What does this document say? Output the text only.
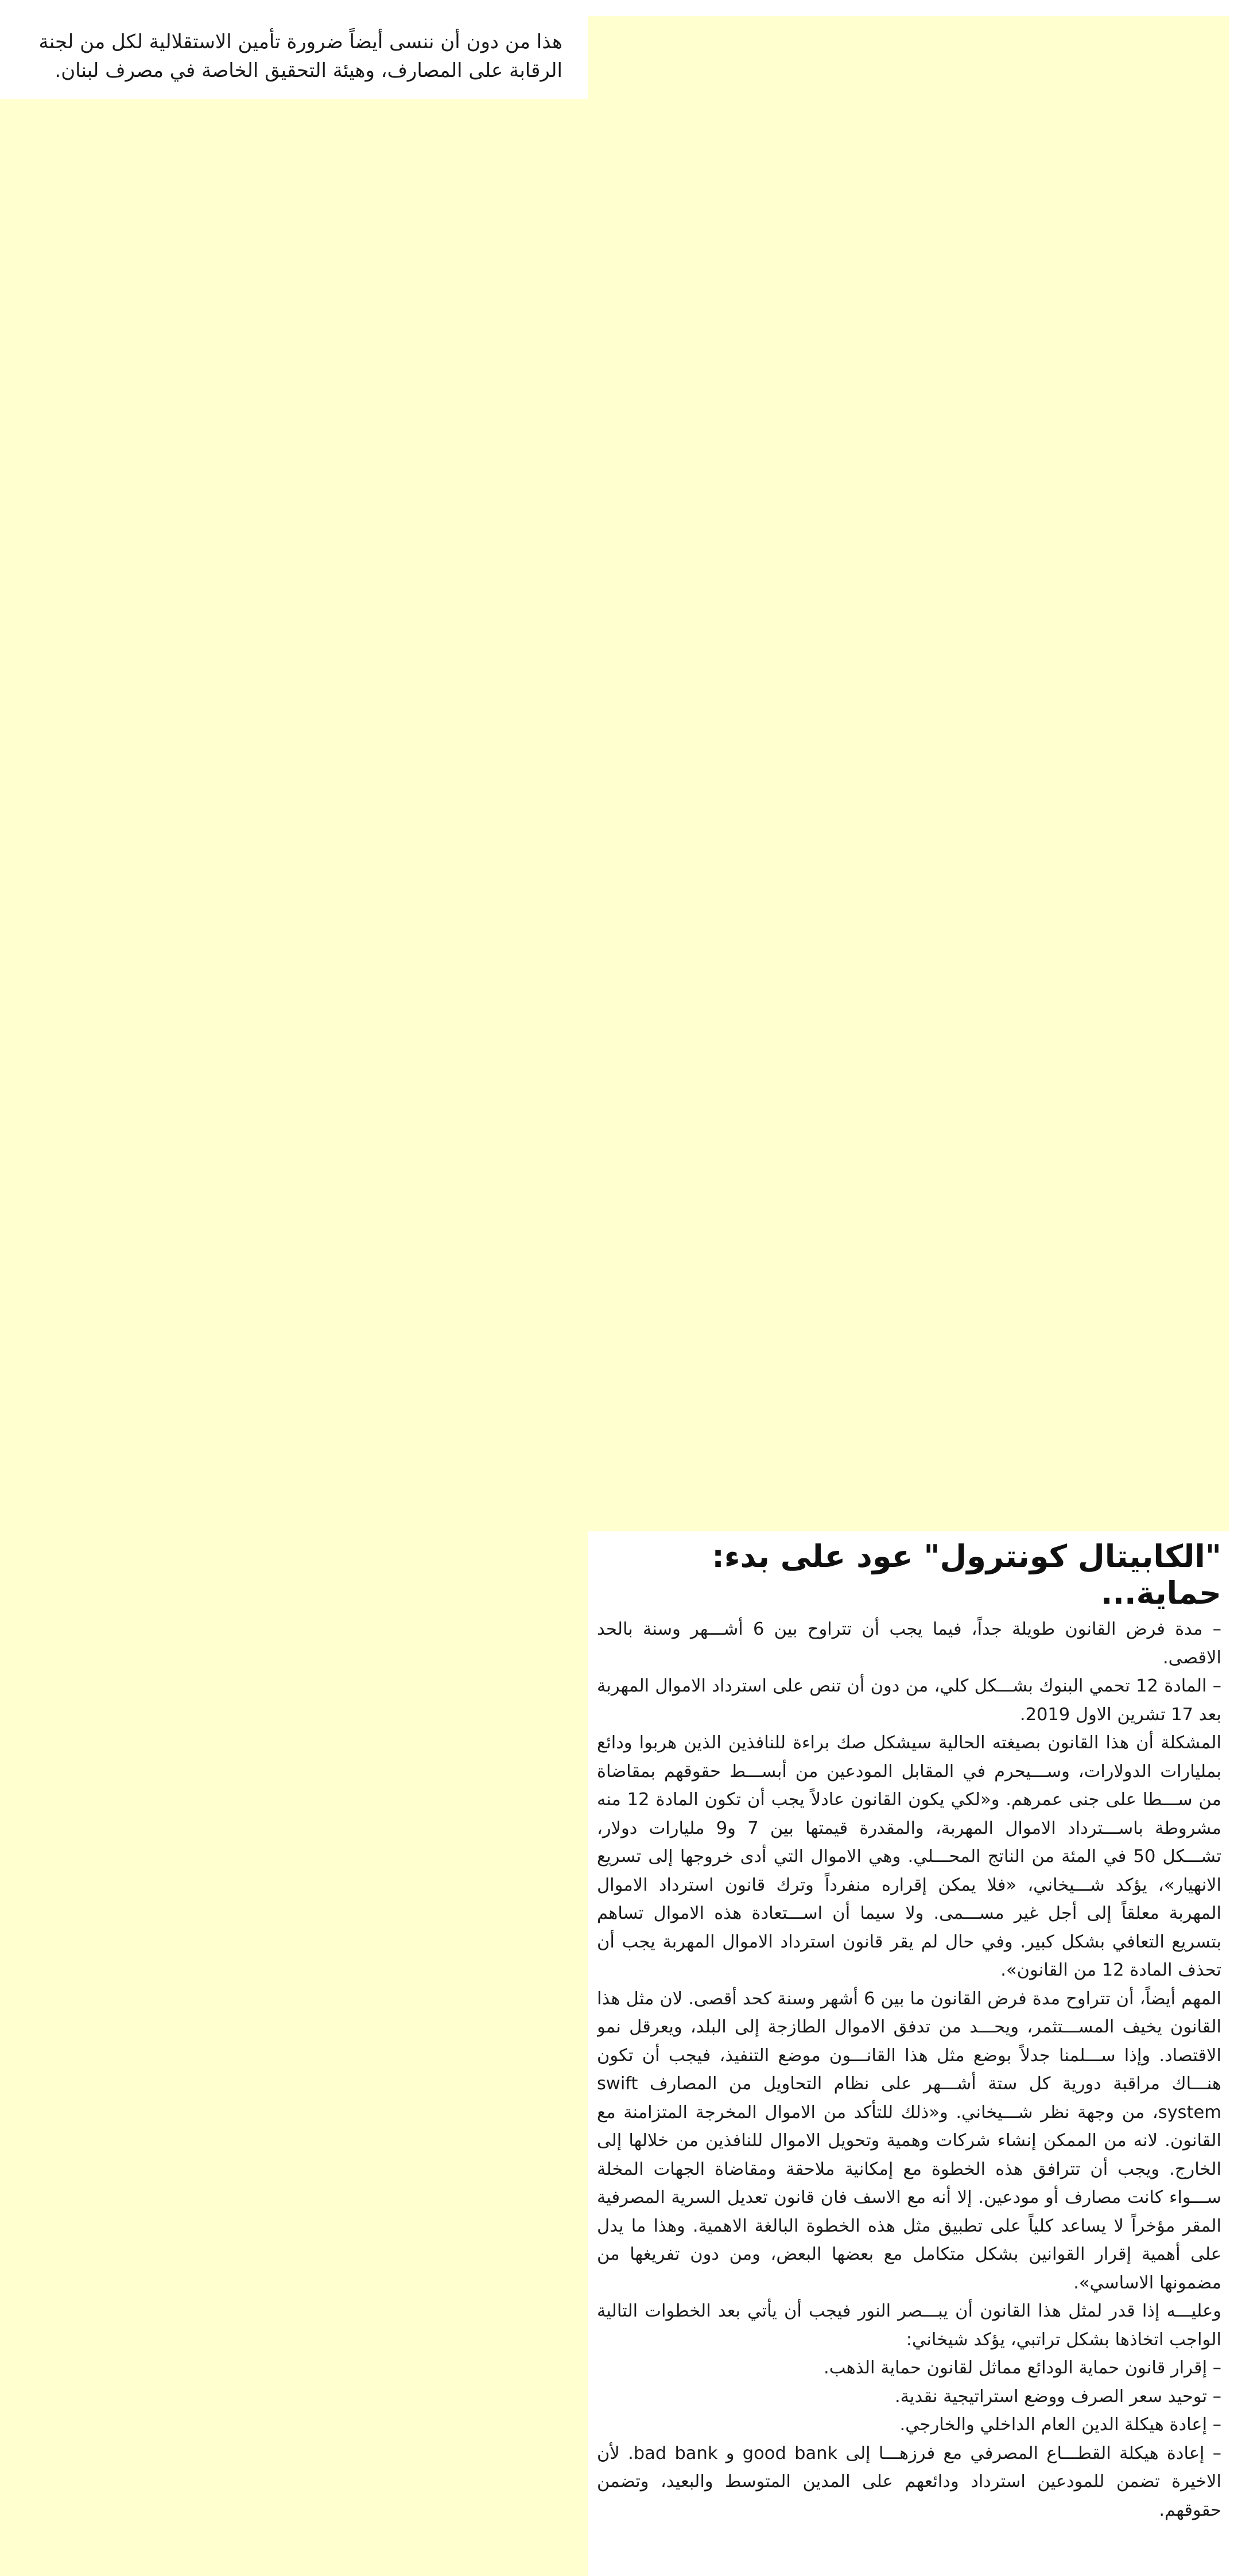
هذا من دون أن ننسى أيضاً ضرورة تأمين الاستقلالية لكل من لجنة الرقابة على المصارف، وهيئة التحقيق الخاصة في مصرف لبنان.

"الكابيتال كونترول" عود على بدء: حماية...

– مدة فرض القانون طويلة جداً، فيما يجب أن تتراوح بين 6 أشـــهر وسنة بالحد الاقصى.

– المادة 12 تحمي البنوك بشـــكل كلي، من دون أن تنص على استرداد الاموال المهربة بعد 17 تشرين الاول 2019.

المشكلة أن هذا القانون بصيغته الحالية سيشكل صك براءة للنافذين الذين هربوا ودائع بمليارات الدولارات، وســـيحرم في المقابل المودعين من أبســـط حقوقهم بمقاضاة من ســـطا على جنى عمرهم. و«لكي يكون القانون عادلاً يجب أن تكون المادة 12 منه مشروطة باســـترداد الاموال المهربة، والمقدرة قيمتها بين 7 و9 مليارات دولار، تشـــكل 50 في المئة من الناتج المحـــلي. وهي الاموال التي أدى خروجها إلى تسريع الانهيار»، يؤكد شـــيخاني، «فلا يمكن إقراره منفرداً وترك قانون استرداد الاموال المهربة معلقاً إلى أجل غير مســـمى. ولا سيما أن اســـتعادة هذه الاموال تساهم بتسريع التعافي بشكل كبير. وفي حال لم يقر قانون استرداد الاموال المهربة يجب أن تحذف المادة 12 من القانون».

المهم أيضاً، أن تتراوح مدة فرض القانون ما بين 6 أشهر وسنة كحد أقصى. لان مثل هذا القانون يخيف المســـتثمر، ويحـــد من تدفق الاموال الطازجة إلى البلد، ويعرقل نمو الاقتصاد. وإذا ســـلمنا جدلاً بوضع مثل هذا القانـــون موضع التنفيذ، فيجب أن تكون هنـــاك مراقبة دورية كل ستة أشـــهر على نظام التحاويل من المصارف swift system، من وجهة نظر شـــيخاني. و«ذلك للتأكد من الاموال المخرجة المتزامنة مع القانون. لانه من الممكن إنشاء شركات وهمية وتحويل الاموال للنافذين من خلالها إلى الخارج. ويجب أن تترافق هذه الخطوة مع إمكانية ملاحقة ومقاضاة الجهات المخلة ســـواء كانت مصارف أو مودعين. إلا أنه مع الاسف فان قانون تعديل السرية المصرفية المقر مؤخراً لا يساعد كلياً على تطبيق مثل هذه الخطوة البالغة الاهمية. وهذا ما يدل على أهمية إقرار القوانين بشكل متكامل مع بعضها البعض، ومن دون تفريغها من مضمونها الاساسي».

وعليـــه إذا قدر لمثل هذا القانون أن يبـــصر النور فيجب أن يأتي بعد الخطوات التالية الواجب اتخاذها بشكل تراتبي، يؤكد شيخاني:

– إقرار قانون حماية الودائع مماثل لقانون حماية الذهب.

– توحيد سعر الصرف ووضع استراتيجية نقدية.

– إعادة هيكلة الدين العام الداخلي والخارجي.

– إعادة هيكلة القطـــاع المصرفي مع فرزهـــا إلى good bank و bad bank. لأن الاخيرة تضمن للمودعين استرداد ودائعهم على المدين المتوسط والبعيد، وتضمن حقوقهم.
